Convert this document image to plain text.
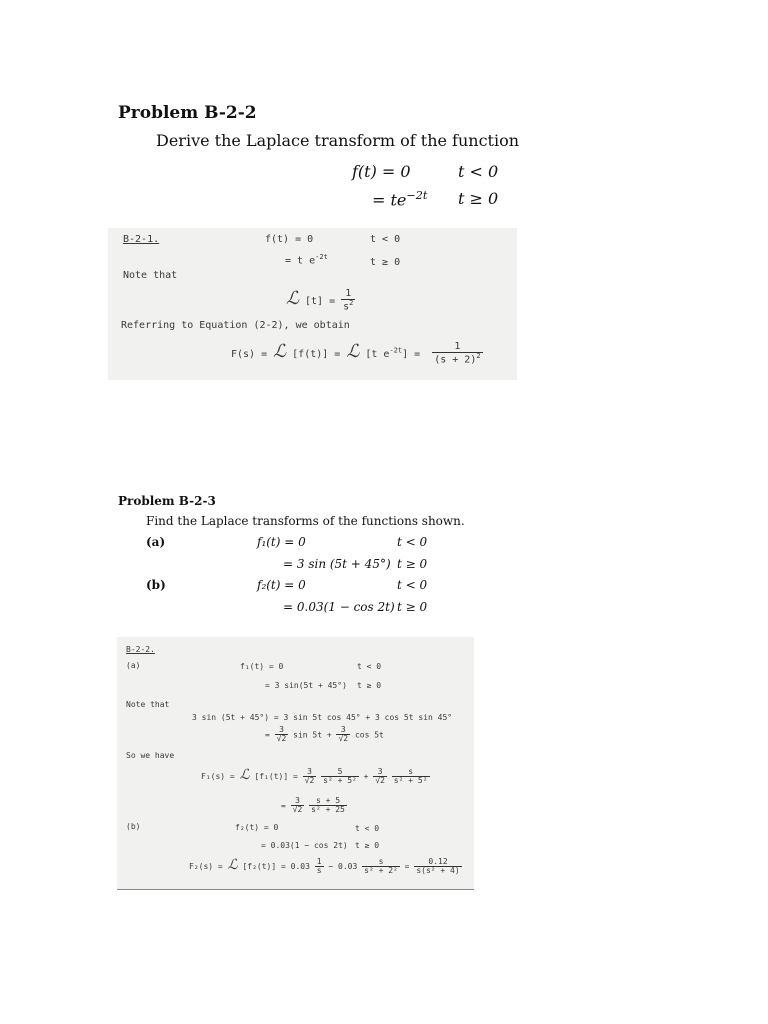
Problem B-2-2
Derive the Laplace transform of the function
f(t) = 0	t < 0
= $te^{-2t}$ t ≥ 0
B-2-1.	f(t) = 0	t < 0
= t $e^{-2t}$	t ≥ 0
Note that
ℒ $[t] = \frac{1}{s^2}$
Referring to Equation (2-2), we obtain
F(s) = ℒ [f(t)] = ℒ [t $e^{-2t}] = \frac{1}{(s + 2)^2}$
Problem B-2-3
Find the Laplace transforms of the functions shown.
(a)	f₁(t) = 0	t < 0
= 3 sin (5t + 45°) t ≥ 0
(b)	f₂(t) = 0	t < 0
= 0.03(1 − cos 2t) t ≥ 0
B-2-2.
(a)	f₁(t) = 0	t < 0
= 3 sin(5t + 45°) t ≥ 0
Note that
3 sin (5t + 45°) = 3 sin 5t cos 45° + 3 cos 5t sin 45°
= $\frac{3}{√2}$ $\sin 5t + \frac{3}{√2}$ cos 5t
So we have
F₁(s) = ℒ $[f_1(t)] = \frac{3}{√2}$
$\frac{5}{\text{s² + 5²}} + \frac{3}{√2}$
$\frac{s}{\text{s² + 5²}}$
= $\frac{3}{√2}$
$\frac{s + 5}{\text{s² + 25}}$
(b)	f₂(t) = 0	t < 0
= 0.03(1 − cos 2t) t ≥ 0
F₂(s) = ℒ $[f_2(t)] = 0.03 \frac{1}{s} - 0.03 \frac{s}{\text{s² + 2²}} = \frac{0.12}{\text{s(s² + 4)}}$
